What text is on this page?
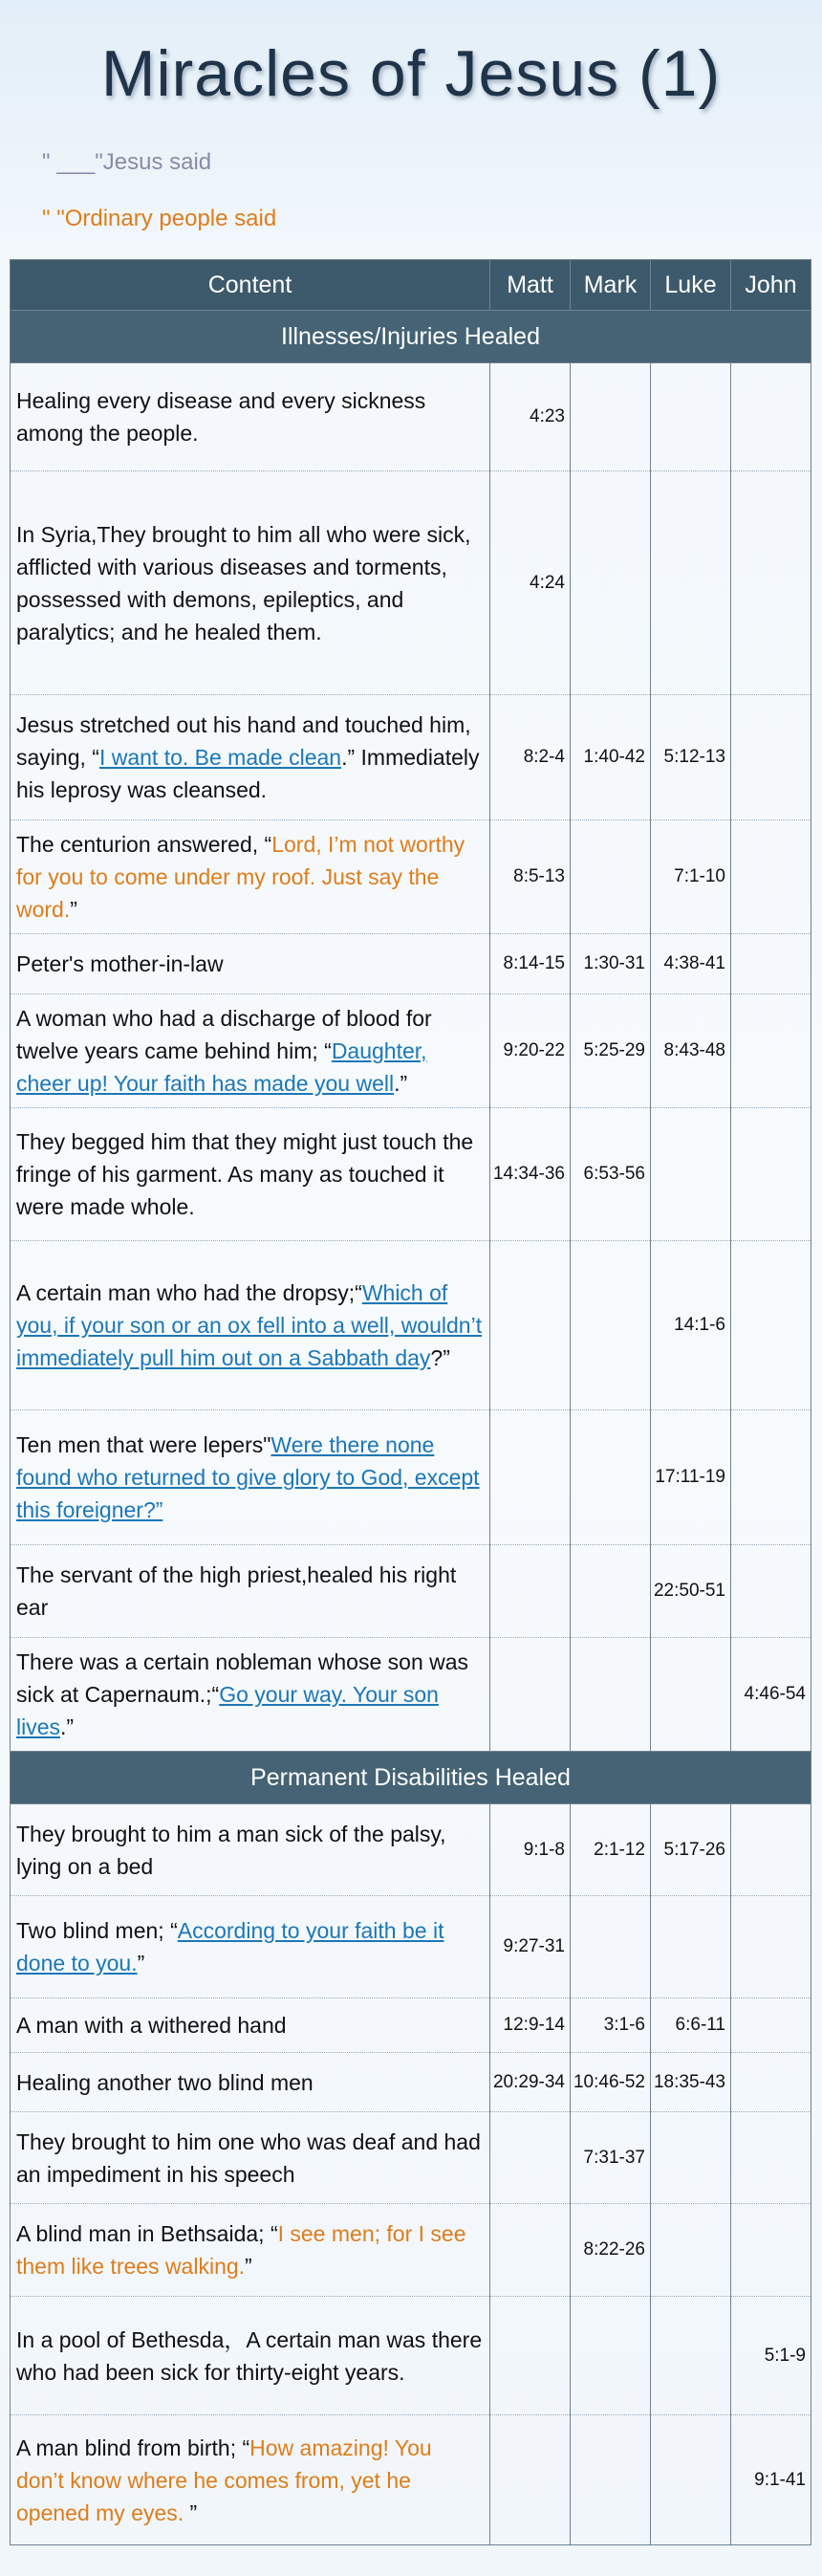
Miracles of Jesus (1)
" ___"Jesus said
" "Ordinary people said
Content	Matt	Mark	Luke	John
Illnesses/Injuries Healed				
Healing every disease and every sickness among the people.	4:23			
In Syria,They brought to him all who were sick, afflicted with various diseases and torments, possessed with demons, epileptics, and paralytics; and he healed them.	4:24			
Jesus stretched out his hand and touched him, saying, “I want to. Be made clean.” Immediately his leprosy was cleansed.	8:2-4	1:40-42	5:12-13	
The centurion answered, “Lord, I’m not worthy for you to come under my roof. Just say the word.”	8:5-13		7:1-10	
Peter's mother-in-law	8:14-15	1:30-31	4:38-41	
A woman who had a discharge of blood for twelve years came behind him; “Daughter, cheer up! Your faith has made you well.”	9:20-22	5:25-29	8:43-48	
They begged him that they might just touch the fringe of his garment. As many as touched it were made whole.	14:34-36	6:53-56		
A certain man who had the dropsy;“Which of you, if your son or an ox fell into a well, wouldn’t immediately pull him out on a Sabbath day?”			14:1-6	
Ten men that were lepers"Were there none found who returned to give glory to God, except this foreigner?”			17:11-19	
The servant of the high priest,healed his right ear			22:50-51	
There was a certain nobleman whose son was sick at Capernaum.;“Go your way. Your son lives.”				4:46-54
Permanent Disabilities Healed				
They brought to him a man sick of the palsy, lying on a bed	9:1-8	2:1-12	5:17-26	
Two blind men; “According to your faith be it done to you.”	9:27-31			
A man with a withered hand	12:9-14	3:1-6	6:6-11	
Healing another two blind men	20:29-34	10:46-52	18:35-43	
They brought to him one who was deaf and had an impediment in his speech		7:31-37		
A blind man in Bethsaida; “I see men; for I see them like trees walking.”		8:22-26		
In a pool of Bethesda，A certain man was there who had been sick for thirty-eight years.				5:1-9
A man blind from birth; “How amazing! You don’t know where he comes from, yet he opened my eyes. ”				9:1-41
